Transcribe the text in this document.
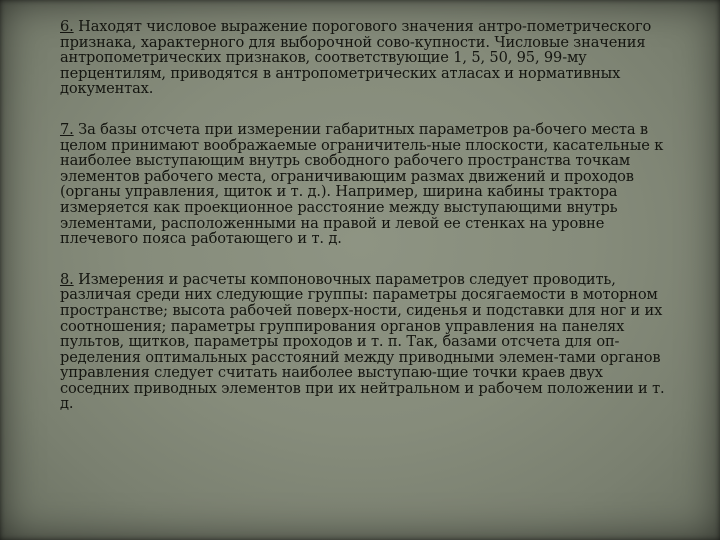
6. Находят числовое выражение порогового значения антро-пометрического признака, характерного для выборочной сово-купности. Числовые значения антропометрических признаков, соответствующие 1, 5, 50, 95, 99-му перцентилям, приводятся в антропометрических атласах и нормативных документах.

7. За базы отсчета при измерении габаритных параметров ра-бочего места в целом принимают воображаемые ограничитель-ные плоскости, касательные к наиболее выступающим внутрь свободного рабочего пространства точкам элементов рабочего места, ограничивающим размах движений и проходов (органы управления, щиток и т. д.). Например, ширина кабины трактора измеряется как проекционное расстояние между выступающими внутрь элементами, расположенными на правой и левой ее стенках на уровне плечевого пояса работающего и т. д.

8. Измерения и расчеты компоновочных параметров следует проводить, различая среди них следующие группы: параметры досягаемости в моторном пространстве; высота рабочей поверх-ности, сиденья и подставки для ног и их соотношения; параметры группирования органов управления на панелях пультов, щитков, параметры проходов и т. п. Так, базами отсчета для оп-ределения оптимальных расстояний между приводными элемен-тами органов управления следует считать наиболее выступаю-щие точки краев двух соседних приводных элементов при их нейтральном и рабочем положении и т. д.
